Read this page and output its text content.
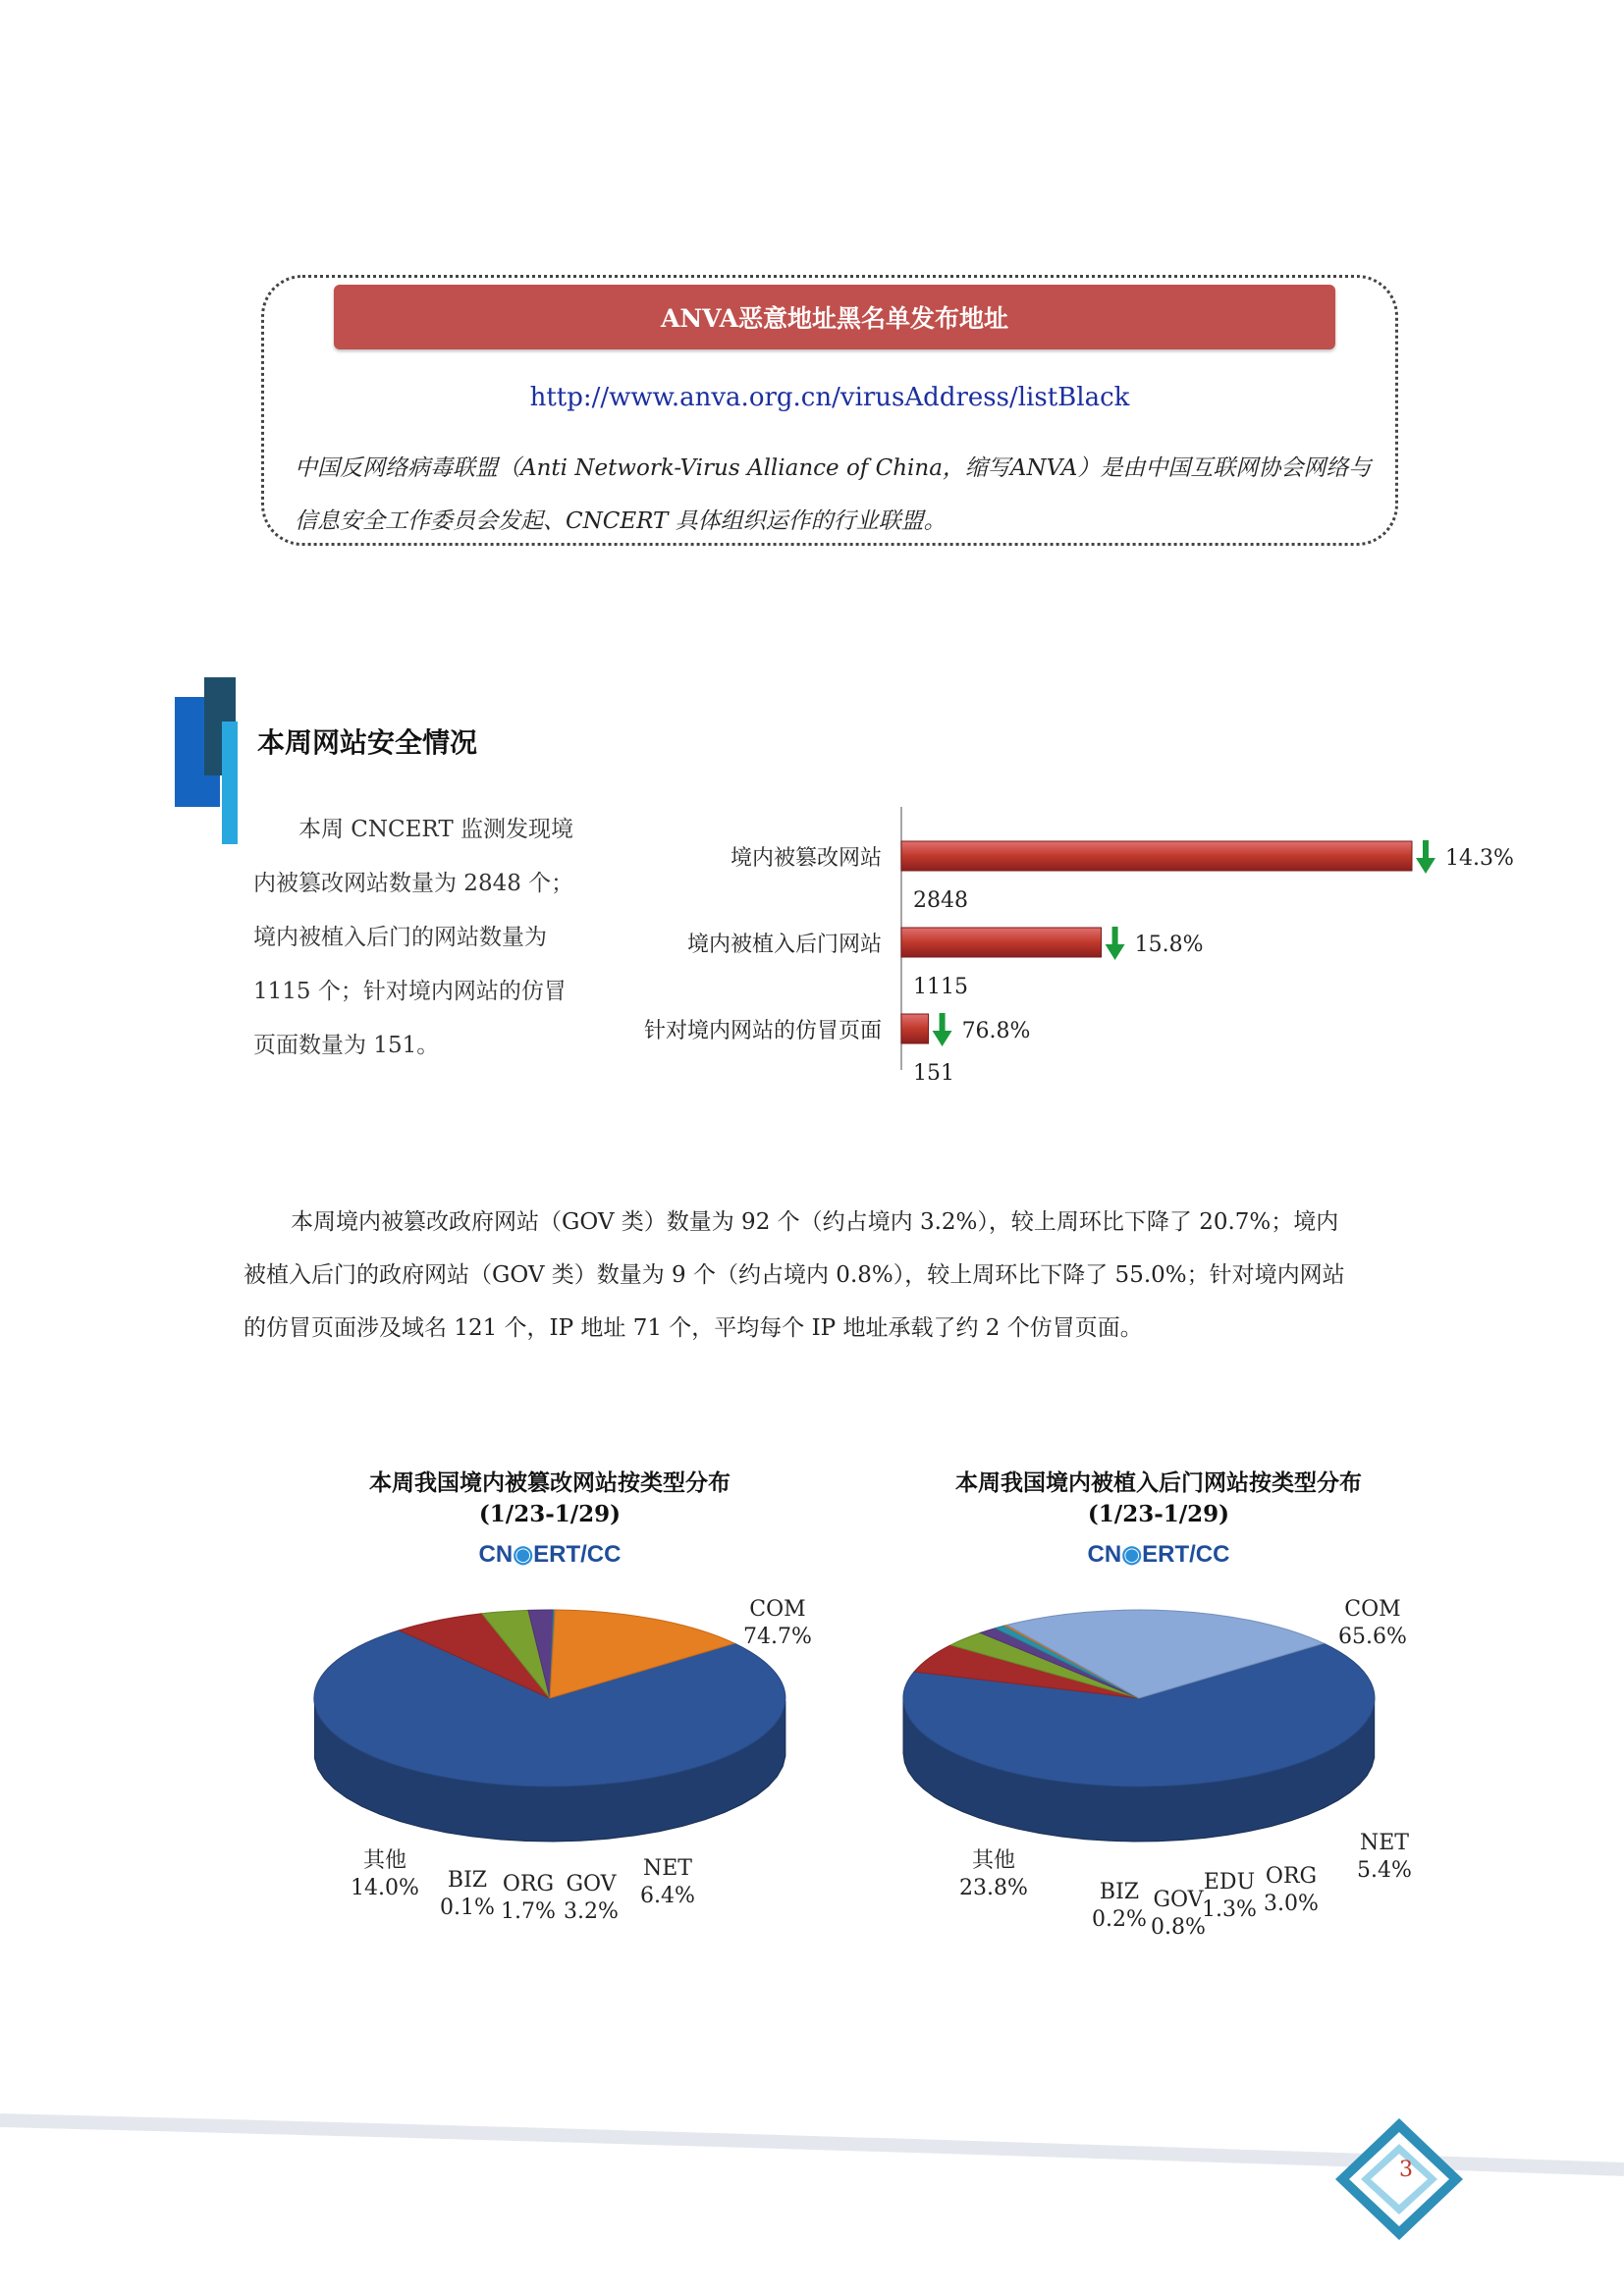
ANVA恶意地址黑名单发布地址
http://www.anva.org.cn/virusAddress/listBlack
中国反网络病毒联盟（Anti Network-Virus Alliance of China，缩写ANVA）是由中国互联网协会网络与
信息安全工作委员会发起、CNCERT 具体组织运作的行业联盟。
本周网站安全情况
本周 CNCERT 监测发现境
内被篡改网站数量为 2848 个；
境内被植入后门的网站数量为
1115 个；针对境内网站的仿冒
页面数量为 151。
境内被篡改网站
2848
14.3%
境内被植入后门网站
1115
15.8%
针对境内网站的仿冒页面
151
76.8%
本周境内被篡改政府网站（GOV 类）数量为 92 个（约占境内 3.2%），较上周环比下降了 20.7%；境内
被植入后门的政府网站（GOV 类）数量为 9 个（约占境内 0.8%），较上周环比下降了 55.0%；针对境内网站
的仿冒页面涉及域名 121 个，IP 地址 71 个，平均每个 IP 地址承载了约 2 个仿冒页面。
本周我国境内被篡改网站按类型分布
(1/23-1/29)
CN◉ERT/CC
COM
74.7%
NET
6.4%
GOV
3.2%
ORG
1.7%
BIZ
0.1%
其他
14.0%
本周我国境内被植入后门网站按类型分布
(1/23-1/29)
CN◉ERT/CC
COM
65.6%
NET
5.4%
ORG
3.0%
EDU
1.3%
GOV
0.8%
BIZ
0.2%
其他
23.8%
3
